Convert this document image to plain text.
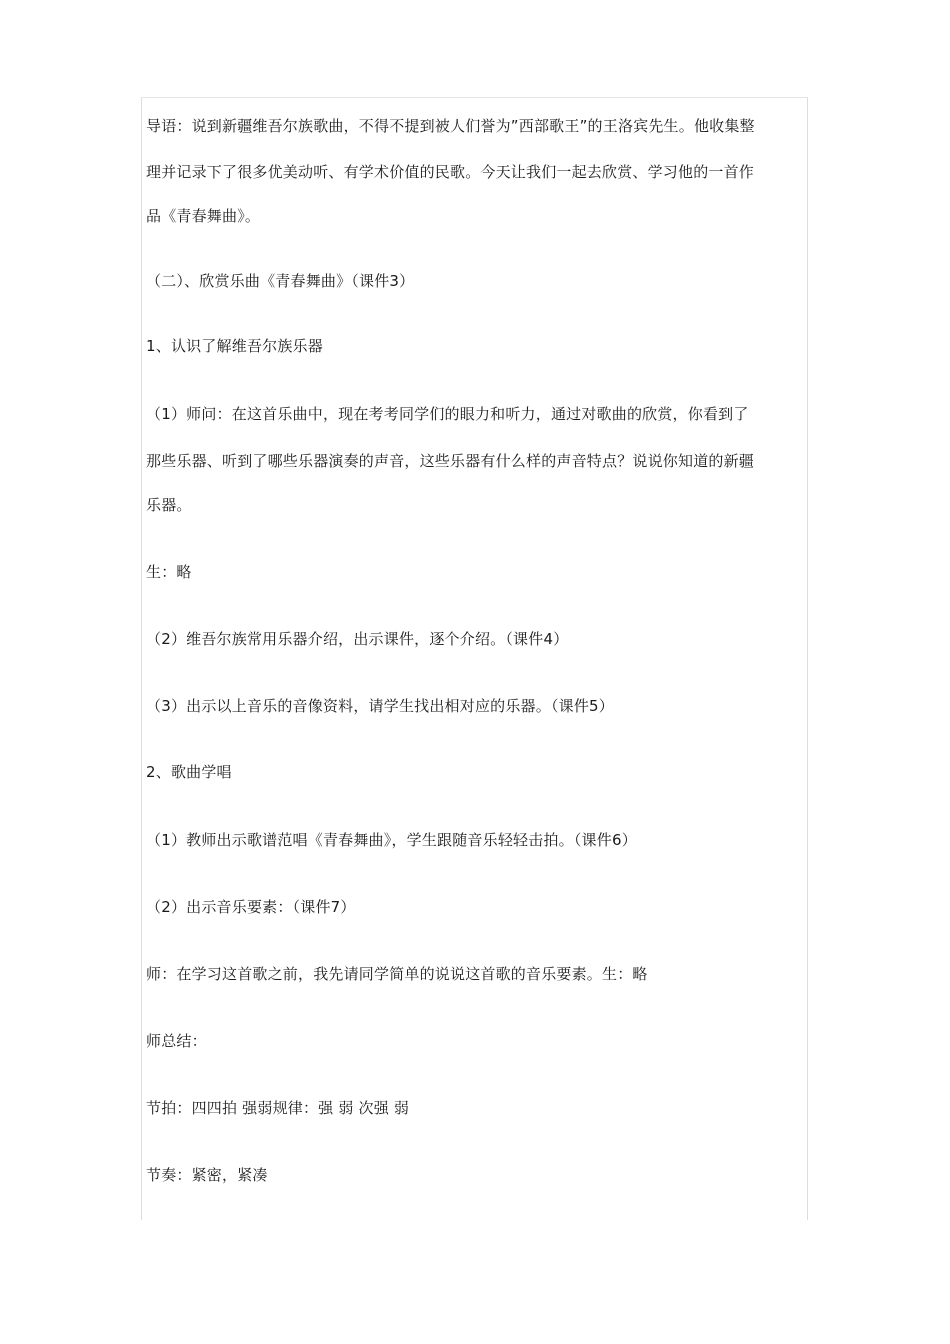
导语：说到新疆维吾尔族歌曲，不得不提到被人们誉为”西部歌王”的王洛宾先生。他收集整
理并记录下了很多优美动听、有学术价值的民歌。今天让我们一起去欣赏、学习他的一首作
品《青春舞曲》。
（二）、欣赏乐曲《青春舞曲》（课件3）
1、认识了解维吾尔族乐器
（1）师问：在这首乐曲中，现在考考同学们的眼力和听力，通过对歌曲的欣赏，你看到了
那些乐器、听到了哪些乐器演奏的声音，这些乐器有什么样的声音特点？说说你知道的新疆
乐器。
生：略
（2）维吾尔族常用乐器介绍，出示课件，逐个介绍。（课件4）
（3）出示以上音乐的音像资料，请学生找出相对应的乐器。（课件5）
2、歌曲学唱
（1）教师出示歌谱范唱《青春舞曲》，学生跟随音乐轻轻击拍。（课件6）
（2）出示音乐要素：（课件7）
师：在学习这首歌之前，我先请同学简单的说说这首歌的音乐要素。生：略
师总结：
节拍：四四拍 强弱规律：强 弱 次强 弱
节奏：紧密，紧凑
